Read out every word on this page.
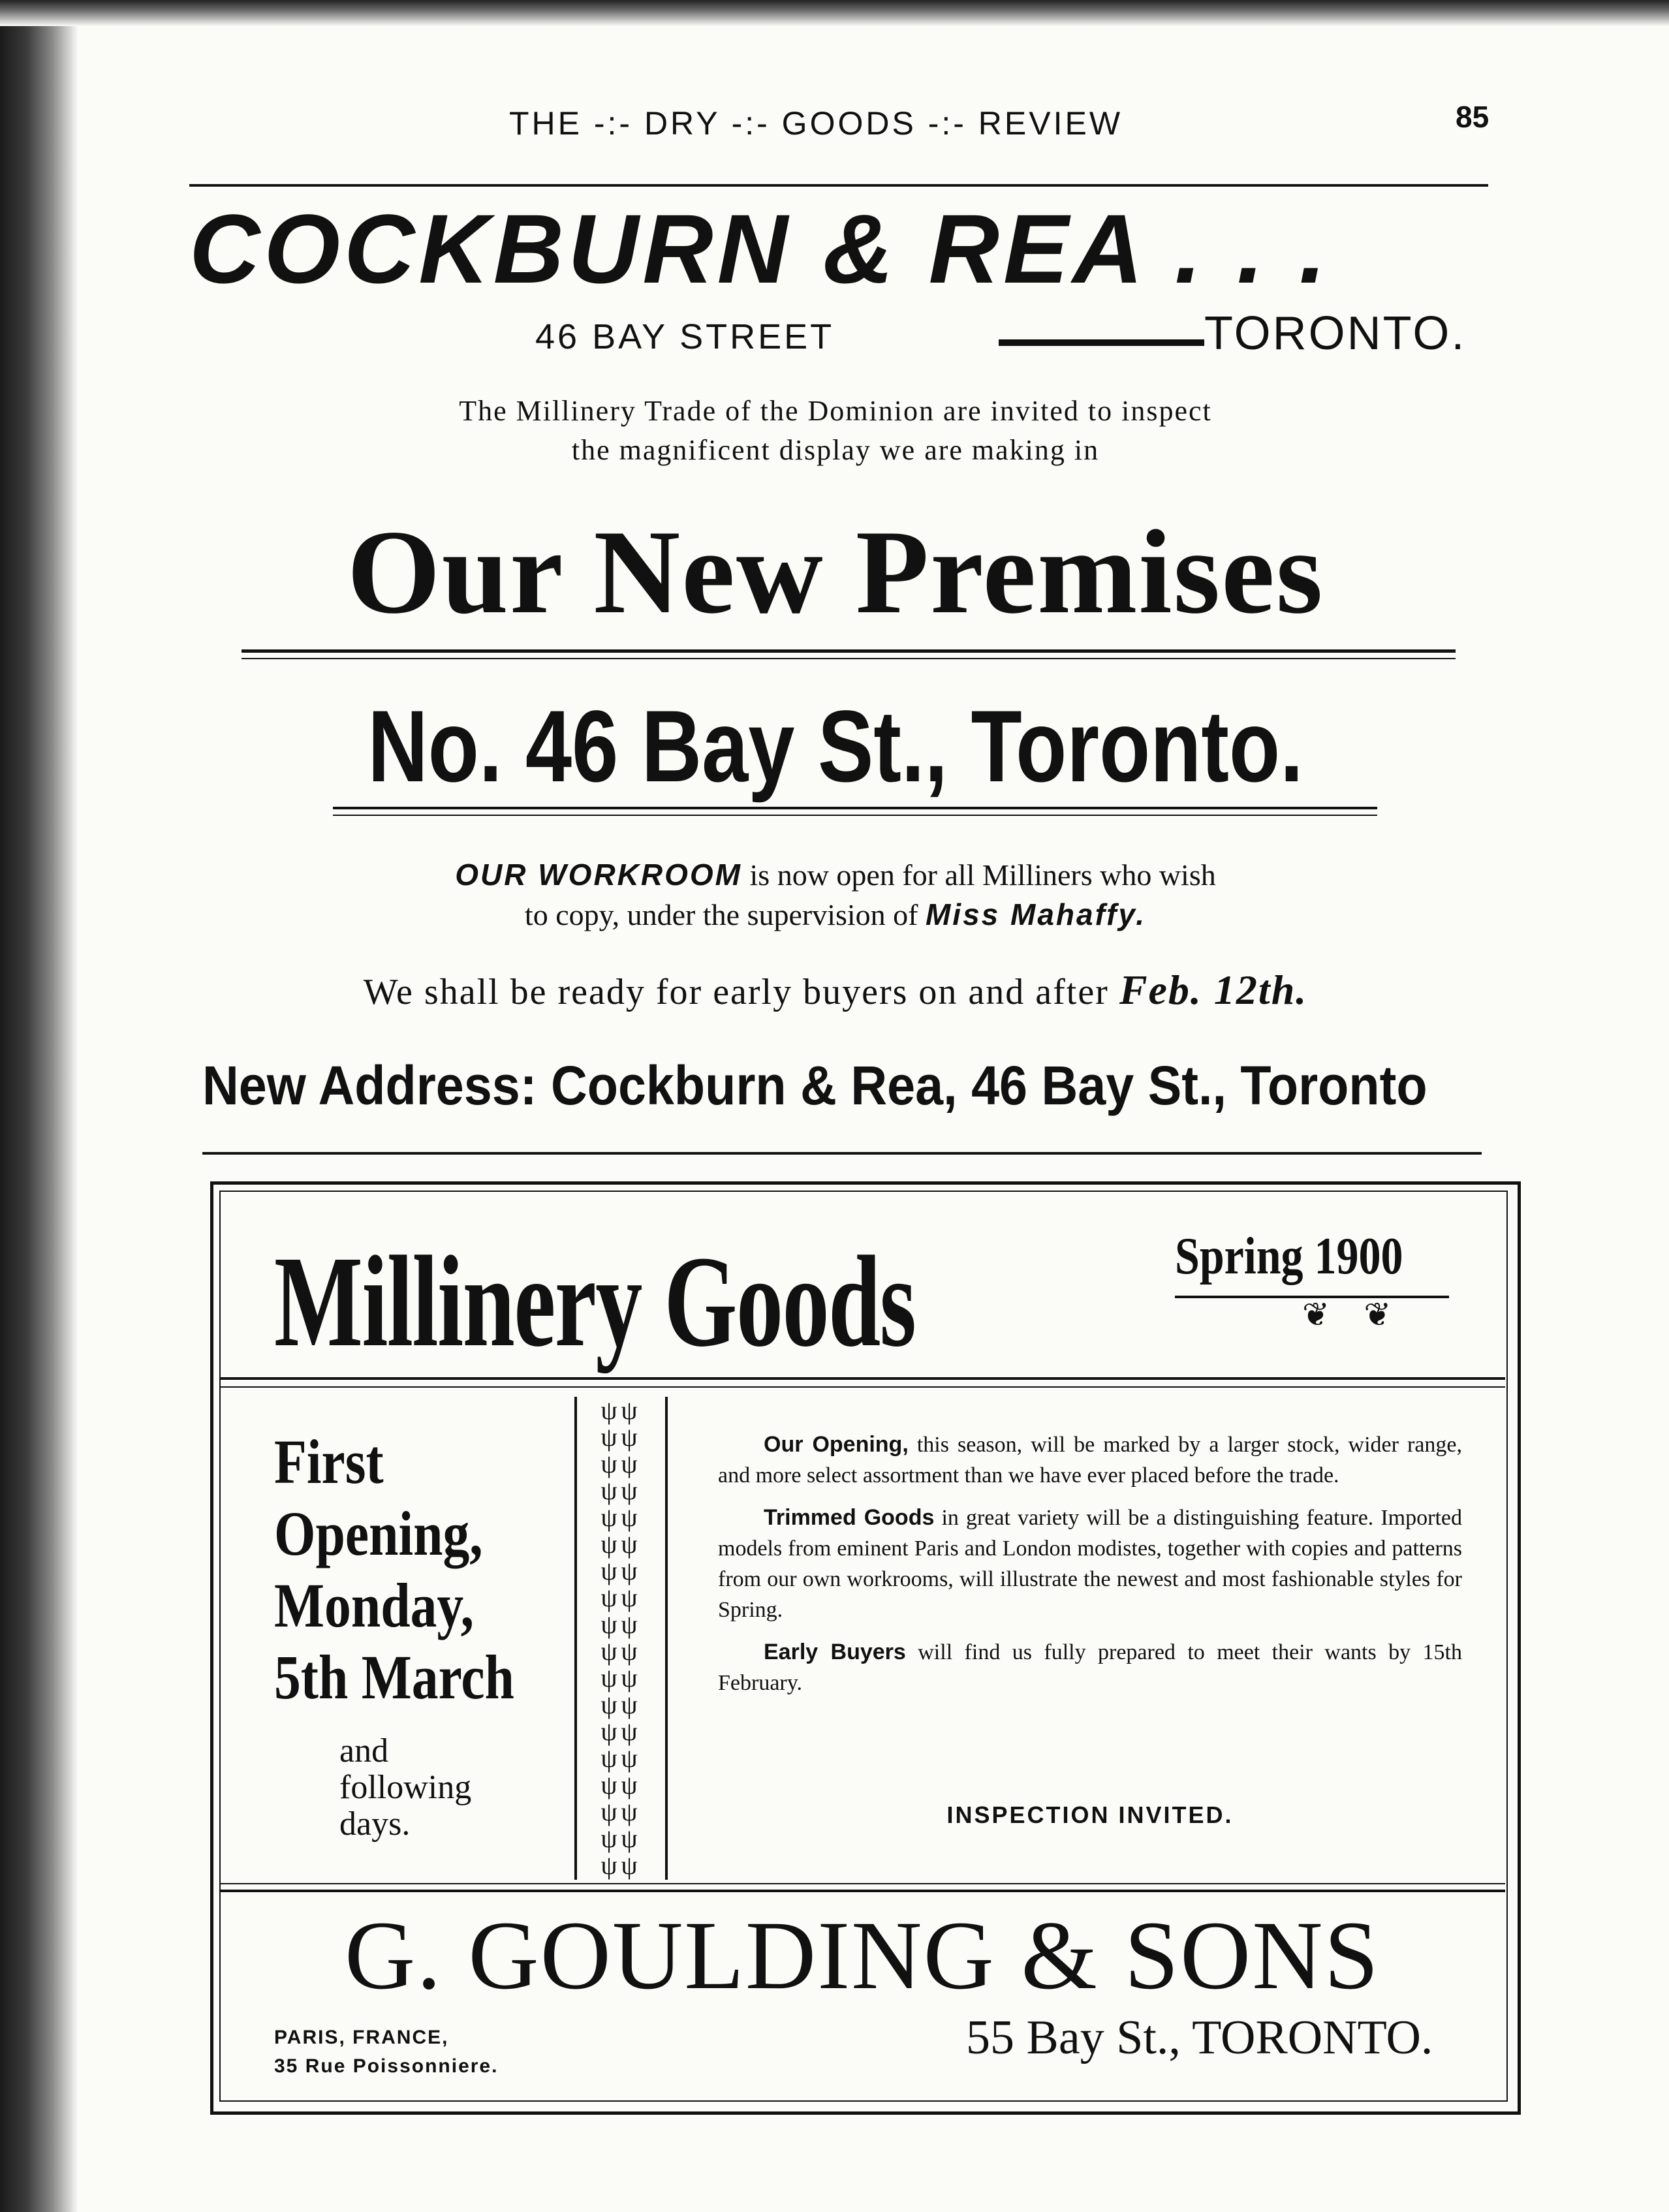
THE -:- DRY -:- GOODS -:- REVIEW	85
COCKBURN & REA . . .
46 BAY STREET	TORONTO.
The Millinery Trade of the Dominion are invited to inspect
the magnificent display we are making in
Our New Premises
No. 46 Bay St., Toronto.
OUR WORKROOM is now open for all Milliners who wish
to copy, under the supervision of Miss Mahaffy.
We shall be ready for early buyers on and after Feb. 12th.
New Address: Cockburn & Rea, 46 Bay St., Toronto
Millinery Goods	Spring 1900
❦ ❦
First
Opening,
Monday,
5th March
and
following
days.
ψψ
ψψ
ψψ
ψψ
ψψ
ψψ
ψψ
ψψ
ψψ
ψψ
ψψ
ψψ
ψψ
ψψ
ψψ
ψψ
ψψ
ψψ

Our Opening, this season, will be marked by a larger stock, wider range, and more select assortment than we have ever placed before the trade.

Trimmed Goods in great variety will be a distinguishing feature. Imported models from eminent Paris and London modistes, together with copies and patterns from our own workrooms, will illustrate the newest and most fashionable styles for Spring.

Early Buyers will find us fully prepared to meet their wants by 15th February.

INSPECTION INVITED.
G. GOULDING & SONS
PARIS, FRANCE,
35 Rue Poissonniere.
55 Bay St., TORONTO.
